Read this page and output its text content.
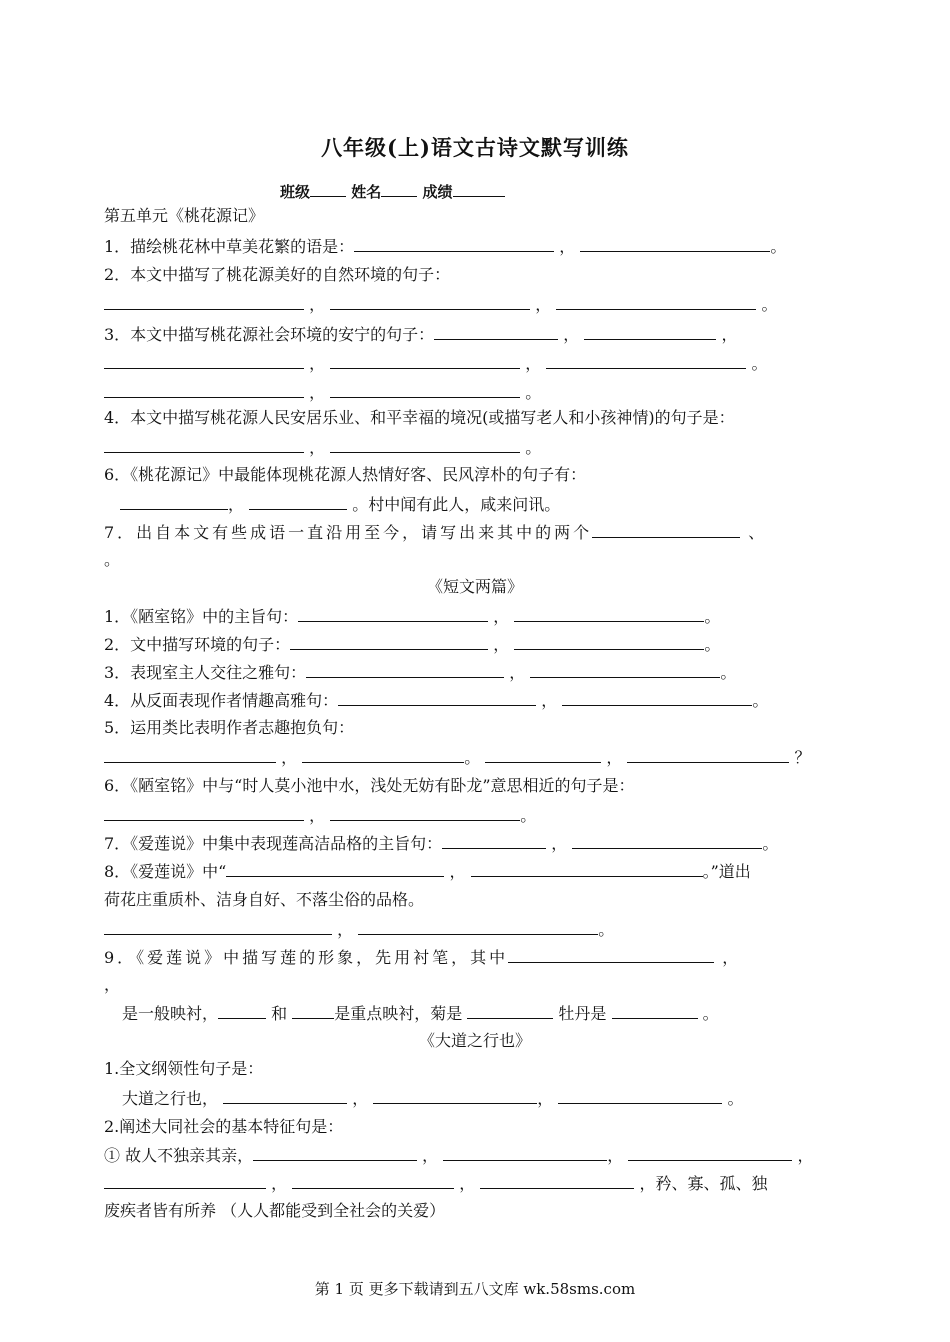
八年级(上)语文古诗文默写训练
班级	姓名	成绩
第五单元《桃花源记》
1．描绘桃花林中草美花繁的语是：	，	。
2．本文中描写了桃花源美好的自然环境的句子：
，	，	。
3．本文中描写桃花源社会环境的安宁的句子：	，	，
，	，	。
，	。
4．本文中描写桃花源人民安居乐业、和平幸福的境况(或描写老人和小孩神情)的句子是：
，	。
6．《桃花源记》中最能体现桃花源人热情好客、民风淳朴的句子有：
，	。村中闻有此人，咸来问讯。
7．出自本文有些成语一直沿用至今，请写出来其中的两个	、
。
《短文两篇》
1．《陋室铭》中的主旨句：	，	。
2．文中描写环境的句子：	，	。
3．表现室主人交往之雅句：	，	。
4．从反面表现作者情趣高雅句：	，	。
5．运用类比表明作者志趣抱负句：
，	。	，	？
6．《陋室铭》中与“时人莫小池中水，浅处无妨有卧龙”意思相近的句子是：
，	。
7．《爱莲说》中集中表现莲高洁品格的主旨句：	，	。
8．《爱莲说》中“	，	。”道出
荷花庄重质朴、洁身自好、不落尘俗的品格。
，	。
9．《爱莲说》中描写莲的形象，先用衬笔，其中	，
，
是一般映衬，	和	是重点映衬，菊是	牡丹是	。
《大道之行也》
1.全文纲领性句子是：
大道之行也，	，	，	。
2.阐述大同社会的基本特征句是：
① 故人不独亲其亲，	，	，	，
，	，	，矜、寡、孤、独
废疾者皆有所养 （人人都能受到全社会的关爱）
第 1 页 更多下载请到五八文库 wk.58sms.com
